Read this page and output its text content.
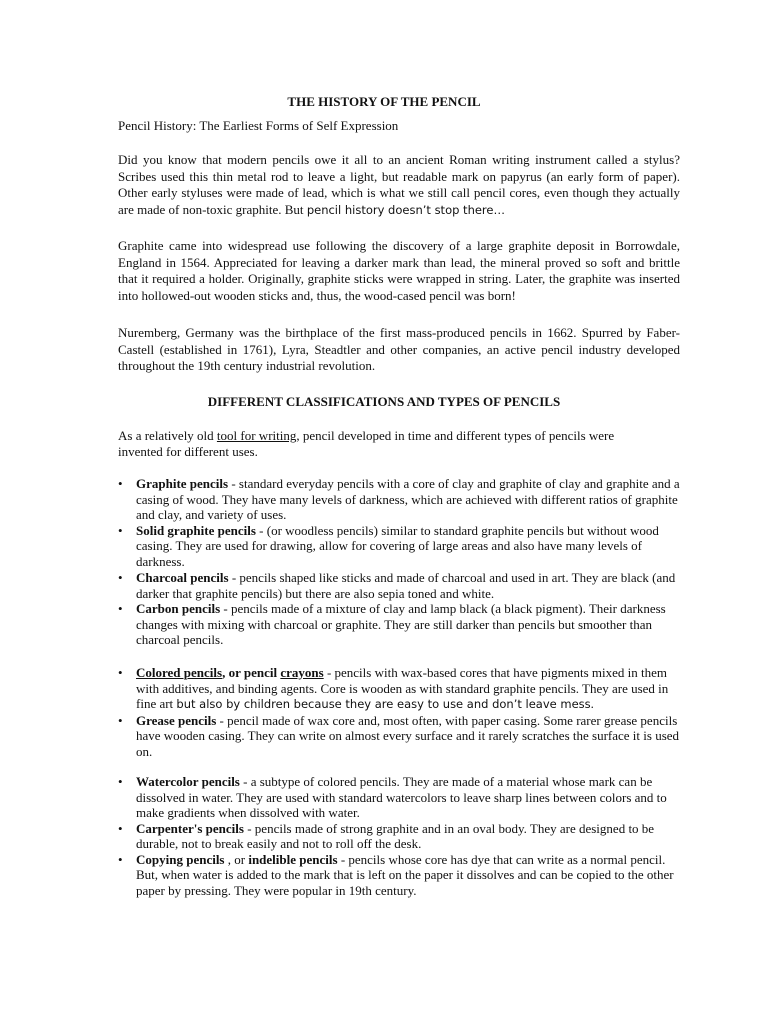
THE HISTORY OF THE PENCIL

Pencil History: The Earliest Forms of Self Expression

Did you know that modern pencils owe it all to an ancient Roman writing instrument called a stylus? Scribes used this thin metal rod to leave a light, but readable mark on papyrus (an early form of paper). Other early styluses were made of lead, which is what we still call pencil cores, even though they actually are made of non-toxic graphite. But pencil history doesn’t stop there…

Graphite came into widespread use following the discovery of a large graphite deposit in Borrowdale, England in 1564. Appreciated for leaving a darker mark than lead, the mineral proved so soft and brittle that it required a holder. Originally, graphite sticks were wrapped in string. Later, the graphite was inserted into hollowed-out wooden sticks and, thus, the wood-cased pencil was born!

Nuremberg, Germany was the birthplace of the first mass-produced pencils in 1662. Spurred by Faber-Castell (established in 1761), Lyra, Steadtler and other companies, an active pencil industry developed throughout the 19th century industrial revolution.

DIFFERENT CLASSIFICATIONS AND TYPES OF PENCILS

As a relatively old tool for writing, pencil developed in time and different types of pencils were invented for different uses.

• Graphite pencils - standard everyday pencils with a core of clay and graphite of clay and graphite and a casing of wood. They have many levels of darkness, which are achieved with different ratios of graphite and clay, and variety of uses.
• Solid graphite pencils - (or woodless pencils) similar to standard graphite pencils but without wood casing. They are used for drawing, allow for covering of large areas and also have many levels of darkness.
• Charcoal pencils - pencils shaped like sticks and made of charcoal and used in art. They are black (and darker that graphite pencils) but there are also sepia toned and white.
• Carbon pencils - pencils made of a mixture of clay and lamp black (a black pigment). Their darkness changes with mixing with charcoal or graphite. They are still darker than pencils but smoother than charcoal pencils.
• Colored pencils, or pencil crayons - pencils with wax-based cores that have pigments mixed in them with additives, and binding agents. Core is wooden as with standard graphite pencils. They are used in fine art but also by children because they are easy to use and don’t leave mess.
• Grease pencils - pencil made of wax core and, most often, with paper casing. Some rarer grease pencils have wooden casing. They can write on almost every surface and it rarely scratches the surface it is used on.
• Watercolor pencils - a subtype of colored pencils. They are made of a material whose mark can be dissolved in water. They are used with standard watercolors to leave sharp lines between colors and to make gradients when dissolved with water.
• Carpenter's pencils - pencils made of strong graphite and in an oval body. They are designed to be durable, not to break easily and not to roll off the desk.
• Copying pencils , or indelible pencils - pencils whose core has dye that can write as a normal pencil. But, when water is added to the mark that is left on the paper it dissolves and can be copied to the other paper by pressing. They were popular in 19th century.
